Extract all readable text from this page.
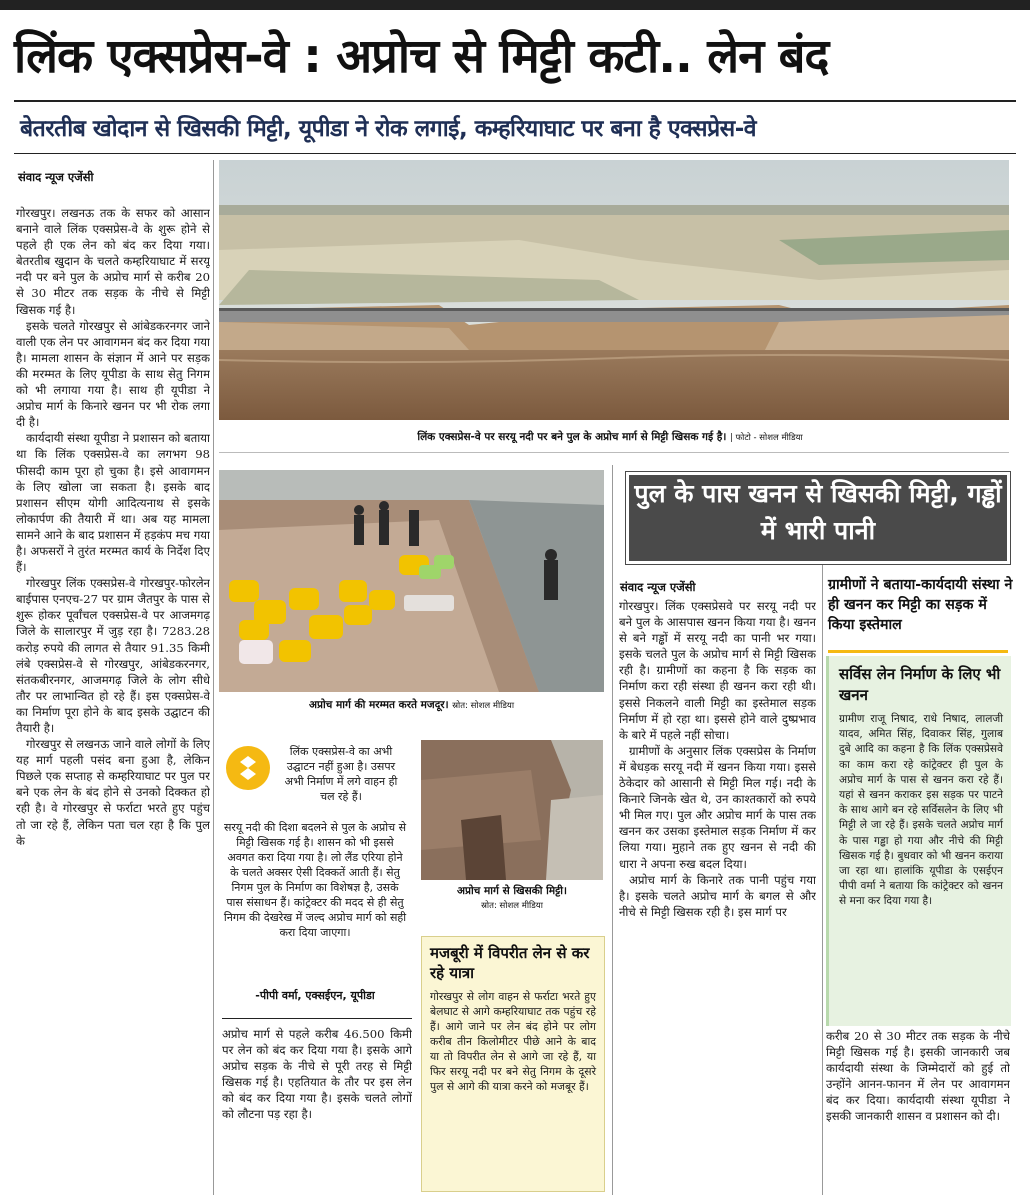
लिंक एक्सप्रेस-वे : अप्रोच से मिट्टी कटी.. लेन बंद
बेतरतीब खोदान से खिसकी मिट्टी, यूपीडा ने रोक लगाई, कम्हरियाघाट पर बना है एक्सप्रेस-वे
संवाद न्यूज एजेंसी

गोरखपुर। लखनऊ तक के सफर को आसान बनाने वाले लिंक एक्सप्रेस-वे के शुरू होने से पहले ही एक लेन को बंद कर दिया गया। बेतरतीब खुदान के चलते कम्हरियाघाट में सरयू नदी पर बने पुल के अप्रोच मार्ग से करीब 20 से 30 मीटर तक सड़क के नीचे से मिट्टी खिसक गई है।

इसके चलते गोरखपुर से आंबेडकरनगर जाने वाली एक लेन पर आवागमन बंद कर दिया गया है। मामला शासन के संज्ञान में आने पर सड़क की मरम्मत के लिए यूपीडा के साथ सेतु निगम को भी लगाया गया है। साथ ही यूपीडा ने अप्रोच मार्ग के किनारे खनन पर भी रोक लगा दी है।

कार्यदायी संस्था यूपीडा ने प्रशासन को बताया था कि लिंक एक्सप्रेस-वे का लगभग 98 फीसदी काम पूरा हो चुका है। इसे आवागमन के लिए खोला जा सकता है। इसके बाद प्रशासन सीएम योगी आदित्यनाथ से इसके लोकार्पण की तैयारी में था। अब यह मामला सामने आने के बाद प्रशासन में हड़कंप मच गया है। अफसरों ने तुरंत मरम्मत कार्य के निर्देश दिए हैं।

गोरखपुर लिंक एक्सप्रेस-वे गोरखपुर-फोरलेन बाईपास एनएच-27 पर ग्राम जैतपुर के पास से शुरू होकर पूर्वांचल एक्सप्रेस-वे पर आजमगढ़ जिले के सालारपुर में जुड़ रहा है। 7283.28 करोड़ रुपये की लागत से तैयार 91.35 किमी लंबे एक्सप्रेस-वे से गोरखपुर, आंबेडकरनगर, संतकबीरनगर, आजमगढ़ जिले के लोग सीधे तौर पर लाभान्वित हो रहे हैं। इस एक्सप्रेस-वे का निर्माण पूरा होने के बाद इसके उद्घाटन की तैयारी है।

गोरखपुर से लखनऊ जाने वाले लोगों के लिए यह मार्ग पहली पसंद बना हुआ है, लेकिन पिछले एक सप्ताह से कम्हरियाघाट पर पुल पर बने एक लेन के बंद होने से उनको दिक्कत हो रही है। वे गोरखपुर से फर्राटा भरते हुए पहुंच तो जा रहे हैं, लेकिन पता चल रहा है कि पुल के

लिंक एक्सप्रेस-वे पर सरयू नदी पर बने पुल के अप्रोच मार्ग से मिट्टी खिसक गई है। | फोटो - सोशल मीडिया
अप्रोच मार्ग की मरम्मत करते मजदूर। स्रोत: सोशल मीडिया
लिंक एक्सप्रेस-वे का अभी उद्घाटन नहीं हुआ है। उसपर अभी निर्माण में लगे वाहन ही चल रहे हैं।
सरयू नदी की दिशा बदलने से पुल के अप्रोच से मिट्टी खिसक गई है। शासन को भी इससे अवगत करा दिया गया है। लो लैंड एरिया होने के चलते अक्सर ऐसी दिक्कतें आती हैं। सेतु निगम पुल के निर्माण का विशेषज्ञ है, उसके पास संसाधन हैं। कांट्रेक्टर की मदद से ही सेतु निगम की देखरेख में जल्द अप्रोच मार्ग को सही करा दिया जाएगा।
-पीपी वर्मा, एक्सईएन, यूपीडा
अप्रोच मार्ग से पहले करीब 46.500 किमी पर लेन को बंद कर दिया गया है। इसके आगे अप्रोच सड़क के नीचे से पूरी तरह से मिट्टी खिसक गई है। एहतियात के तौर पर इस लेन को बंद कर दिया गया है। इसके चलते लोगों को लौटना पड़ रहा है।
अप्रोच मार्ग से खिसकी मिट्टी।
स्रोत: सोशल मीडिया
मजबूरी में विपरीत लेन से कर रहे यात्रा
गोरखपुर से लोग वाहन से फर्राटा भरते हुए बेलघाट से आगे कम्हरियाघाट तक पहुंच रहे हैं। आगे जाने पर लेन बंद होने पर लोग करीब तीन किलोमीटर पीछे आने के बाद या तो विपरीत लेन से आगे जा रहे हैं, या फिर सरयू नदी पर बने सेतु निगम के दूसरे पुल से आगे की यात्रा करने को मजबूर हैं।
पुल के पास खनन से खिसकी मिट्टी, गड्ढों में भारी पानी
संवाद न्यूज एजेंसी

गोरखपुर। लिंक एक्सप्रेसवे पर सरयू नदी पर बने पुल के आसपास खनन किया गया है। खनन से बने गड्ढों में सरयू नदी का पानी भर गया। इसके चलते पुल के अप्रोच मार्ग से मिट्टी खिसक रही है। ग्रामीणों का कहना है कि सड़क का निर्माण करा रही संस्था ही खनन करा रही थी। इससे निकलने वाली मिट्टी का इस्तेमाल सड़क निर्माण में हो रहा था। इससे होने वाले दुष्प्रभाव के बारे में पहले नहीं सोचा।

ग्रामीणों के अनुसार लिंक एक्सप्रेस के निर्माण में बेधड़क सरयू नदी में खनन किया गया। इससे ठेकेदार को आसानी से मिट्टी मिल गई। नदी के किनारे जिनके खेत थे, उन काश्तकारों को रुपये भी मिल गए। पुल और अप्रोच मार्ग के पास तक खनन कर उसका इस्तेमाल सड़क निर्माण में कर लिया गया। मुहाने तक हुए खनन से नदी की धारा ने अपना रुख बदल दिया।

अप्रोच मार्ग के किनारे तक पानी पहुंच गया है। इसके चलते अप्रोच मार्ग के बगल से और नीचे से मिट्टी खिसक रही है। इस मार्ग पर

ग्रामीणों ने बताया-कार्यदायी संस्था ने ही खनन कर मिट्टी का सड़क में किया इस्तेमाल
सर्विस लेन निर्माण के लिए भी खनन
ग्रामीण राजू निषाद, राधे निषाद, लालजी यादव, अमित सिंह, दिवाकर सिंह, गुलाब दुबे आदि का कहना है कि लिंक एक्सप्रेसवे का काम करा रहे कांट्रेक्टर ही पुल के अप्रोच मार्ग के पास से खनन करा रहे हैं। यहां से खनन कराकर इस सड़क पर पाटने के साथ आगे बन रहे सर्विसलेन के लिए भी मिट्टी ले जा रहे हैं। इसके चलते अप्रोच मार्ग के पास गड्ढा हो गया और नीचे की मिट्टी खिसक गई है। बुधवार को भी खनन कराया जा रहा था। हालांकि यूपीडा के एसईएन पीपी वर्मा ने बताया कि कांट्रेक्टर को खनन से मना कर दिया गया है।
करीब 20 से 30 मीटर तक सड़क के नीचे मिट्टी खिसक गई है। इसकी जानकारी जब कार्यदायी संस्था के जिम्मेदारों को हुई तो उन्होंने आनन-फानन में लेन पर आवागमन बंद कर दिया। कार्यदायी संस्था यूपीडा ने इसकी जानकारी शासन व प्रशासन को दी।
